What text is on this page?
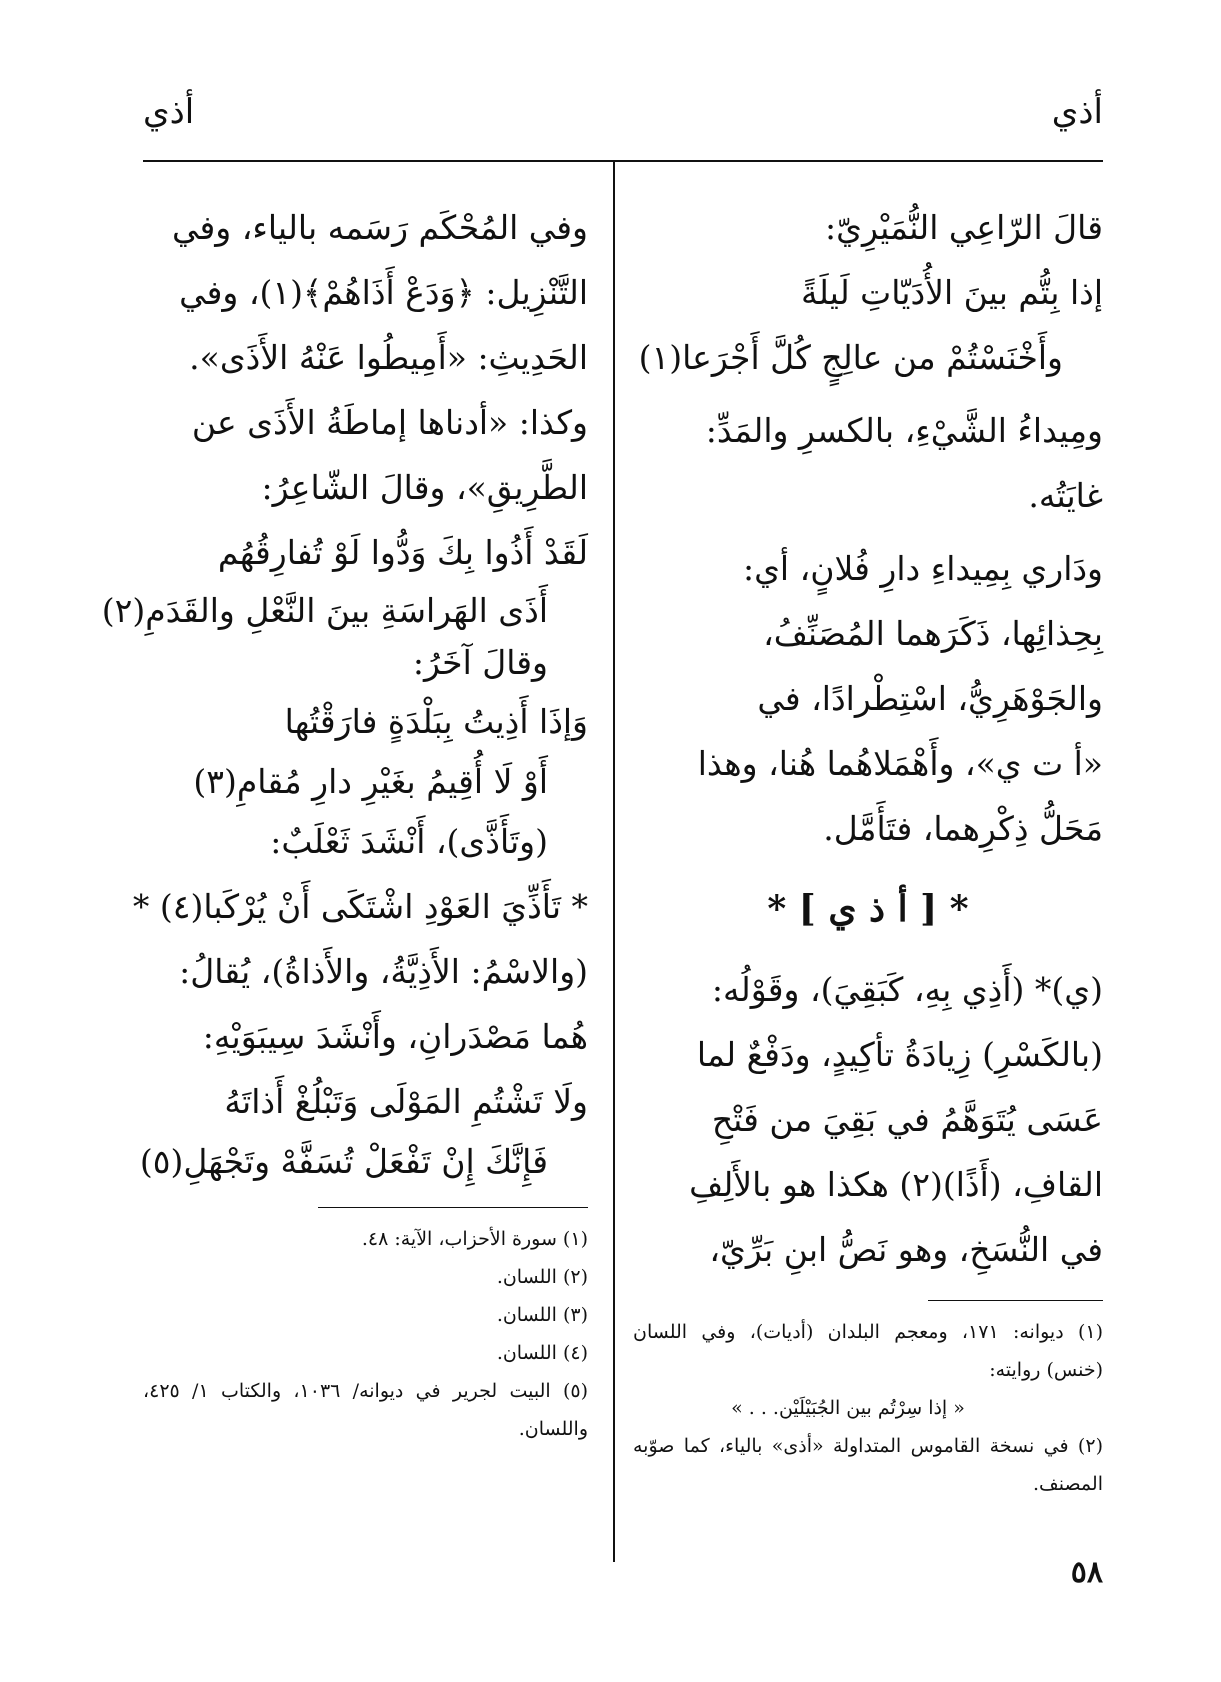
أذي
أذي
قالَ الرّاعِي النُّمَيْرِيّ:
إذا بِتُّم بينَ الأُدَيّاتِ لَيلَةً
وأَخْنَسْتُمْ من عالِجٍ كُلَّ أَجْرَعا(١)
ومِيداءُ الشَّيْءِ، بالكسرِ والمَدِّ:
غايَتُه.
ودَاري بِمِيداءِ دارِ فُلانٍ، أي:
بِحِذائِها، ذَكَرَهما المُصَنِّفُ،
والجَوْهَرِيُّ، اسْتِطْرادًا، في
«أ ت ي»، وأَهْمَلاهُما هُنا، وهذا
مَحَلُّ ذِكْرِهما، فتَأَمَّل.
* [ أ ذ ي ] *
(ي)* (أَذِي بِهِ، كَبَقِيَ)، وقَوْلُه:
(بالكَسْرِ) زِيادَةُ تأكِيدٍ، ودَفْعٌ لما
عَسَى يُتَوَهَّمُ في بَقِيَ من فَتْحِ
القافِ، (أَذًا)(٢) هكذا هو بالأَلِفِ
في النُّسَخِ، وهو نَصُّ ابنِ بَرِّيّ،
(١) ديوانه: ١٧١، ومعجم البلدان (أديات)، وفي اللسان (خنس) روايته:
« إذا سِرْتُم بين الجُبَيْلَيْن. . . »
(٢) في نسخة القاموس المتداولة «أذى» بالياء، كما صوّبه المصنف.
وفي المُحْكَم رَسَمه بالياء، وفي
التَّنْزِيل: ﴿وَدَعْ أَذَاهُمْ﴾(١)، وفي
الحَدِيثِ: «أَمِيطُوا عَنْهُ الأَذَى».
وكذا: «أدناها إماطَةُ الأَذَى عن
الطَّرِيقِ»، وقالَ الشّاعِرُ:
لَقَدْ أَذُوا بِكَ وَدُّوا لَوْ تُفارِقُهُم
أَذَى الهَراسَةِ بينَ النَّعْلِ والقَدَمِ(٢)
وقالَ آخَرُ:
وَإذَا أَذِيتُ بِبَلْدَةٍ فارَقْتُها
أَوْ لَا أُقِيمُ بغَيْرِ دارِ مُقامِ(٣)
(وتَأَذَّى)، أَنْشَدَ ثَعْلَبٌ:
* تَأَذِّيَ العَوْدِ اشْتَكَى أَنْ يُرْكَبا(٤) *
(والاسْمُ: الأَذِيَّةُ، والأَذاةُ)، يُقالُ:
هُما مَصْدَرانِ، وأَنْشَدَ سِيبَوَيْهِ:
ولَا تَشْتُمِ المَوْلَى وَتَبْلُغْ أَذاتَهُ
فَإِنَّكَ إِنْ تَفْعَلْ تُسَفَّهْ وتَجْهَلِ(٥)
(١) سورة الأحزاب، الآية: ٤٨.
(٢) اللسان.
(٣) اللسان.
(٤) اللسان.
(٥) البيت لجرير في ديوانه/ ١٠٣٦، والكتاب ١/ ٤٢٥، واللسان.
٥٨
